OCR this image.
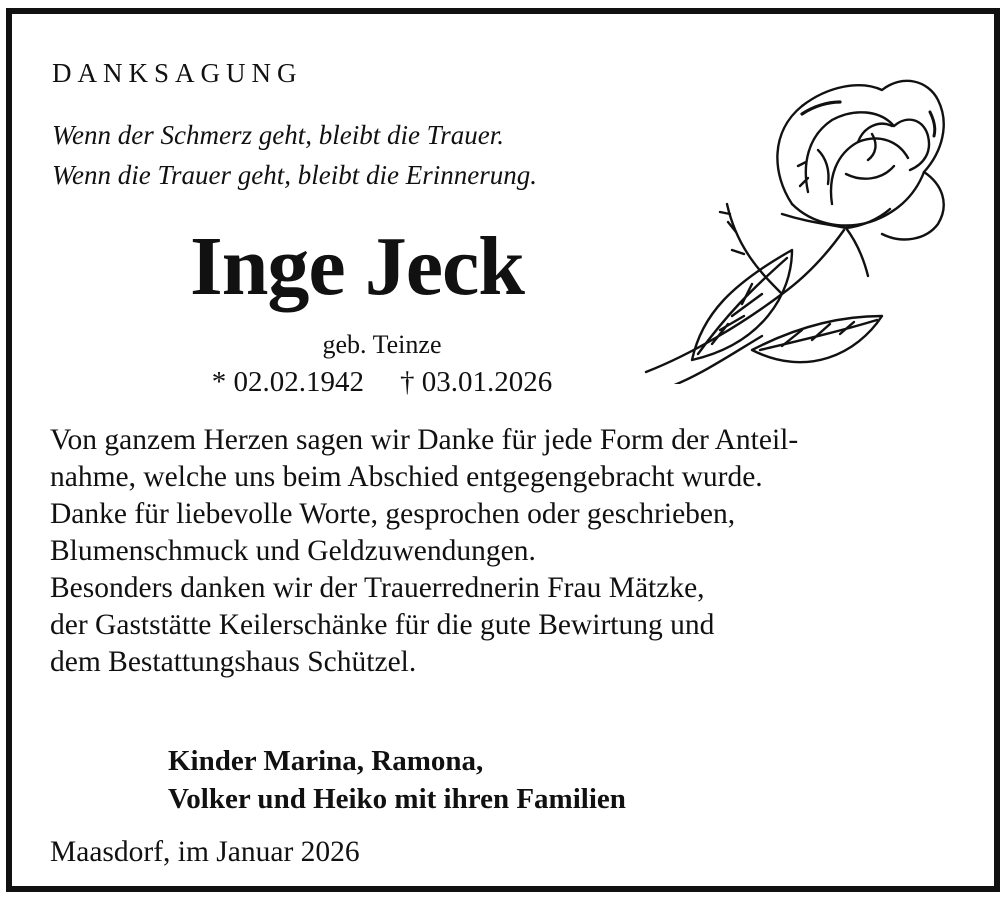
DANKSAGUNG
Wenn der Schmerz geht, bleibt die Trauer.
Wenn die Trauer geht, bleibt die Erinnerung.
Inge Jeck
geb. Teinze
* 02.02.1942 † 03.01.2026
Von ganzem Herzen sagen wir Danke für jede Form der Anteil-
nahme, welche uns beim Abschied entgegengebracht wurde.
Danke für liebevolle Worte, gesprochen oder geschrieben,
Blumenschmuck und Geldzuwendungen.
Besonders danken wir der Trauerrednerin Frau Mätzke,
der Gaststätte Keilerschänke für die gute Bewirtung und
dem Bestattungshaus Schützel.
Kinder Marina, Ramona,
Volker und Heiko mit ihren Familien
Maasdorf, im Januar 2026
